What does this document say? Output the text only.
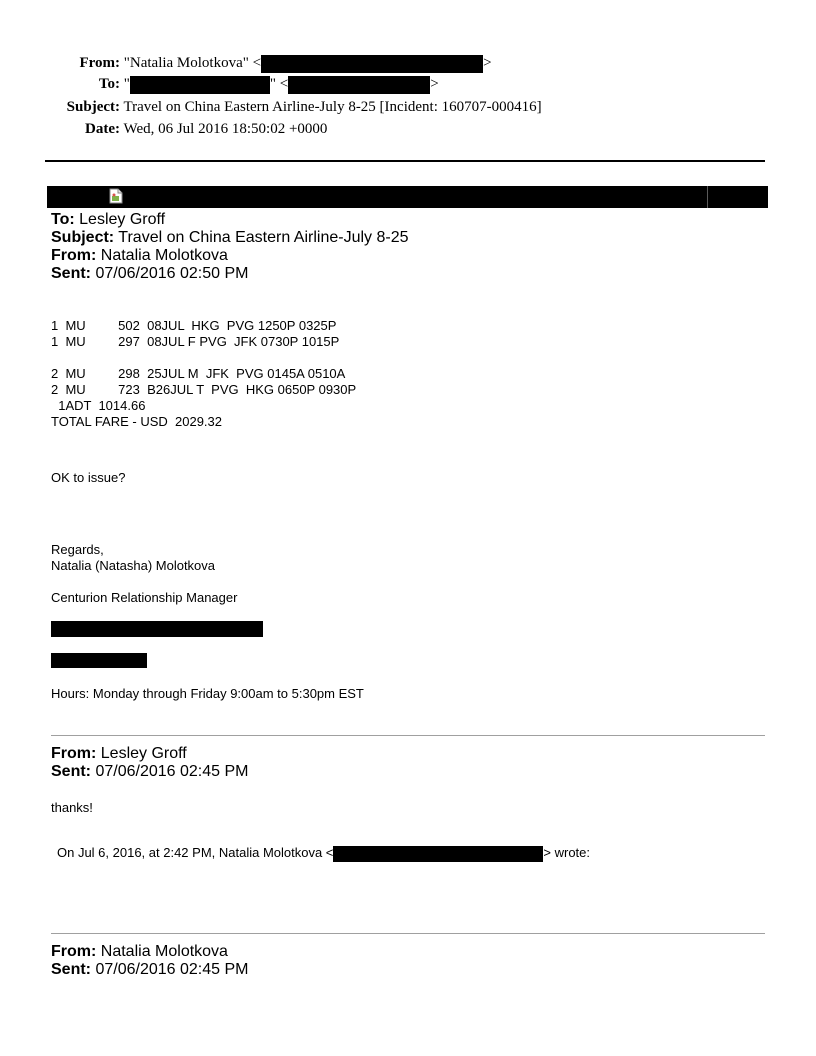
From: "Natalia Molotkova" <	>
To: "	" <	>
Subject: Travel on China Eastern Airline-July 8-25 [Incident: 160707-000416]
Date: Wed, 06 Jul 2016 18:50:02 +0000
To: Lesley Groff
Subject: Travel on China Eastern Airline-July 8-25
From: Natalia Molotkova
Sent: 07/06/2016 02:50 PM
1  MU         502  08JUL  HKG  PVG 1250P 0325P
1  MU         297  08JUL F PVG  JFK 0730P 1015P
2  MU         298  25JUL M  JFK  PVG 0145A 0510A
2  MU         723  B26JUL T  PVG  HKG 0650P 0930P
1ADT  1014.66
TOTAL FARE - USD  2029.32
OK to issue?
Regards,
Natalia (Natasha) Molotkova
Centurion Relationship Manager
Hours: Monday through Friday 9:00am to 5:30pm EST
From: Lesley Groff
Sent: 07/06/2016 02:45 PM
thanks!
On Jul 6, 2016, at 2:42 PM, Natalia Molotkova <	> wrote:
From: Natalia Molotkova
Sent: 07/06/2016 02:45 PM
